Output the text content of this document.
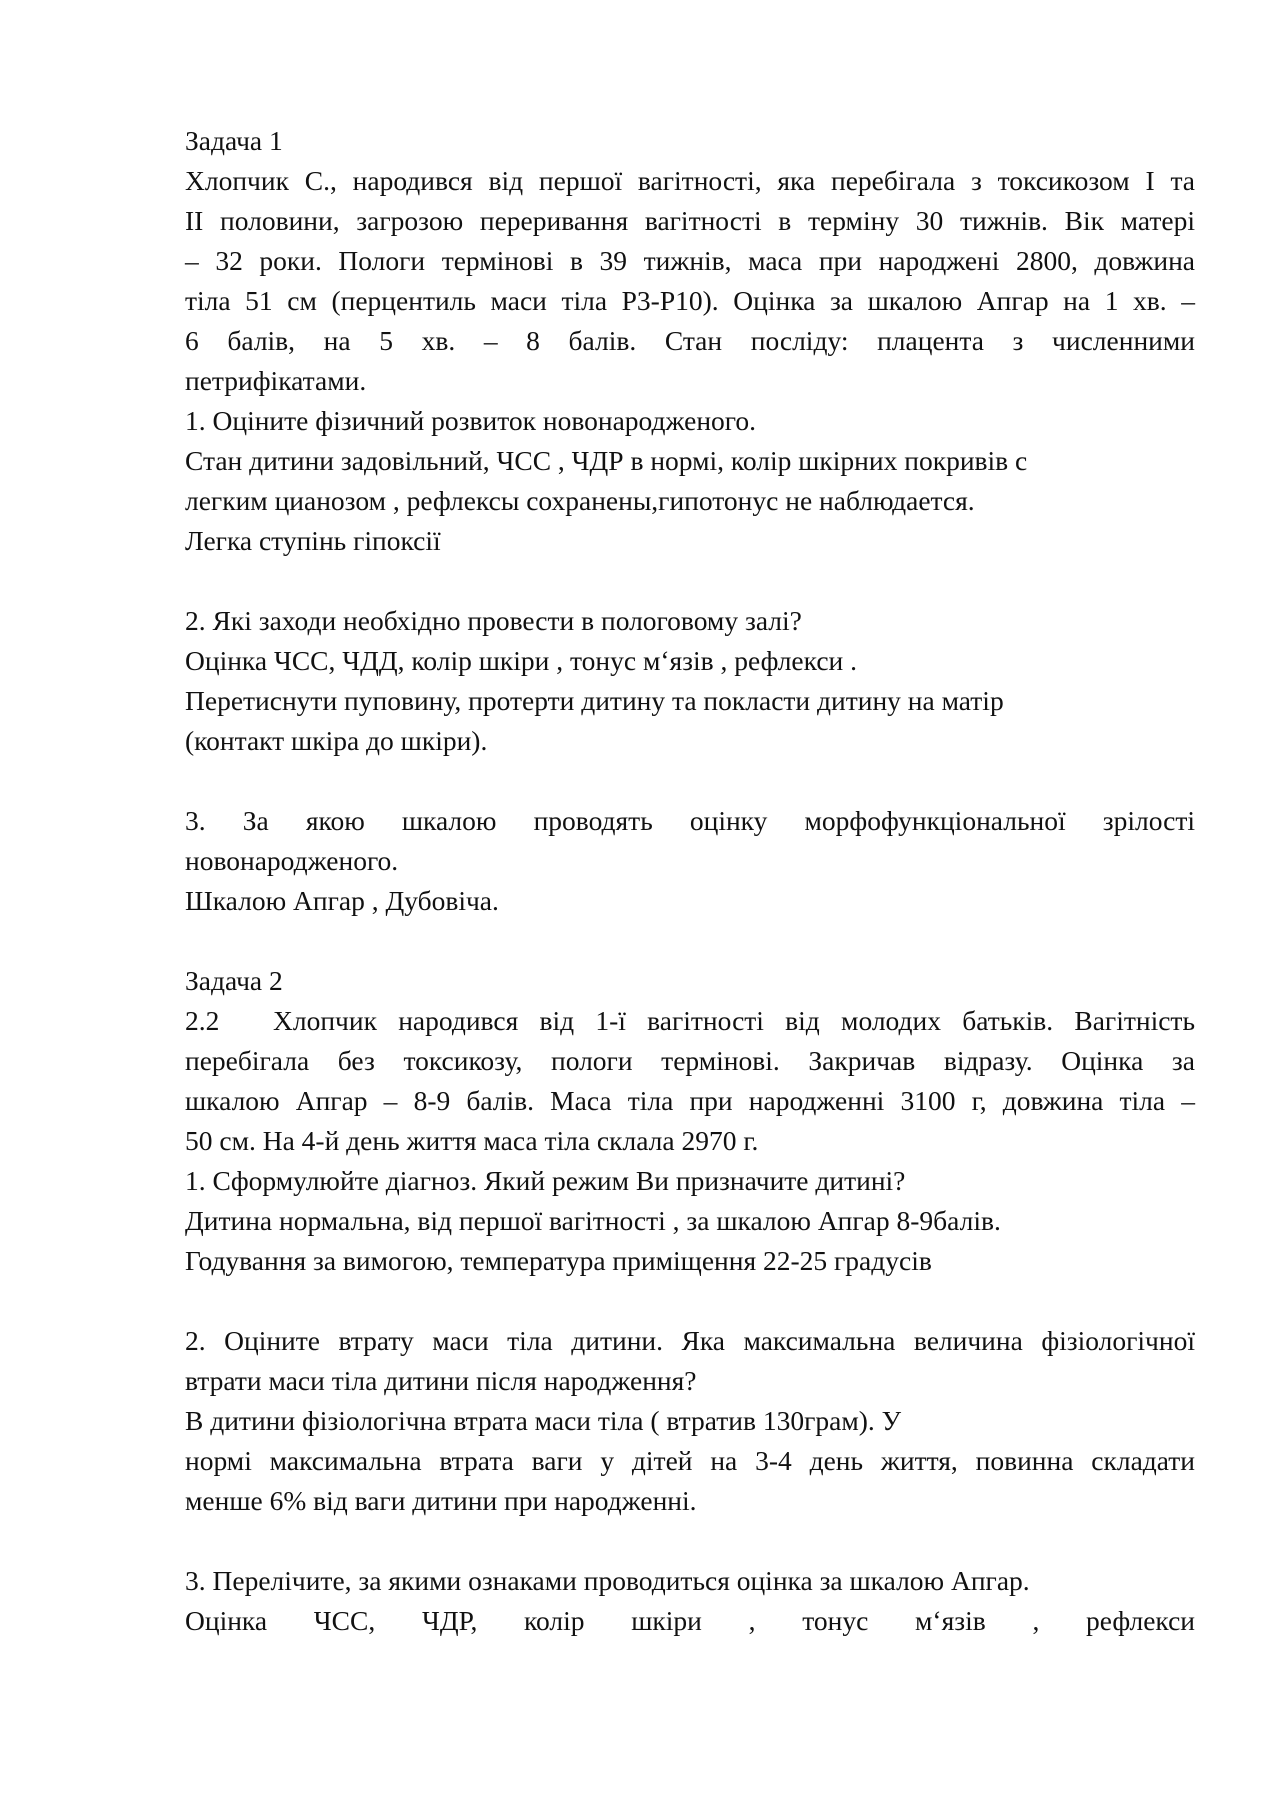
Задача 1
Хлопчик С., народився від першої вагітності, яка перебігала з токсикозом І та
ІІ половини, загрозою переривання вагітності в терміну 30 тижнів. Вік матері
– 32 роки. Пологи термінові в 39 тижнів, маса при народжені 2800, довжина
тіла 51 см (перцентиль маси тіла Р3-Р10). Оцінка за шкалою Апгар на 1 хв. –
6 балів, на 5 хв. – 8 балів. Стан посліду: плацента з численними
петрифікатами.
1. Оціните фізичний розвиток новонародженого.
Стан дитини задовільний, ЧСС , ЧДР в нормі, колір шкірних покривів с
легким цианозом , рефлексы сохранены,гипотонус не наблюдается.
Легка ступінь гіпоксії
2. Які заходи необхідно провести в пологовому залі?
Оцінка ЧСС, ЧДД, колір шкіри , тонус м‘язів , рефлекси .
Перетиснути пуповину, протерти дитину та покласти дитину на матір
(контакт шкіра до шкіри).
3. За якою шкалою проводять оцінку морфофункціональної зрілості
новонародженого.
Шкалою Апгар , Дубовіча.
Задача 2
2.2 Хлопчик народився від 1-ї вагітності від молодих батьків. Вагітність
перебігала без токсикозу, пологи термінові. Закричав відразу. Оцінка за
шкалою Апгар – 8-9 балів. Маса тіла при народженні 3100 г, довжина тіла –
50 см. На 4-й день життя маса тіла склала 2970 г.
1. Сформулюйте діагноз. Який режим Ви призначите дитині?
Дитина нормальна, від першої вагітності , за шкалою Апгар 8-9балів.
Годування за вимогою, температура приміщення 22-25 градусів
2. Оціните втрату маси тіла дитини. Яка максимальна величина фізіологічної
втрати маси тіла дитини після народження?
В дитини фізіологічна втрата маси тіла ( втратив 130грам). У
нормі максимальна втрата ваги у дітей на 3-4 день життя, повинна складати
менше 6% від ваги дитини при народженні.
3. Перелічите, за якими ознаками проводиться оцінка за шкалою Апгар.
Оцінка ЧСС, ЧДР, колір шкіри , тонус м‘язів , рефлекси
